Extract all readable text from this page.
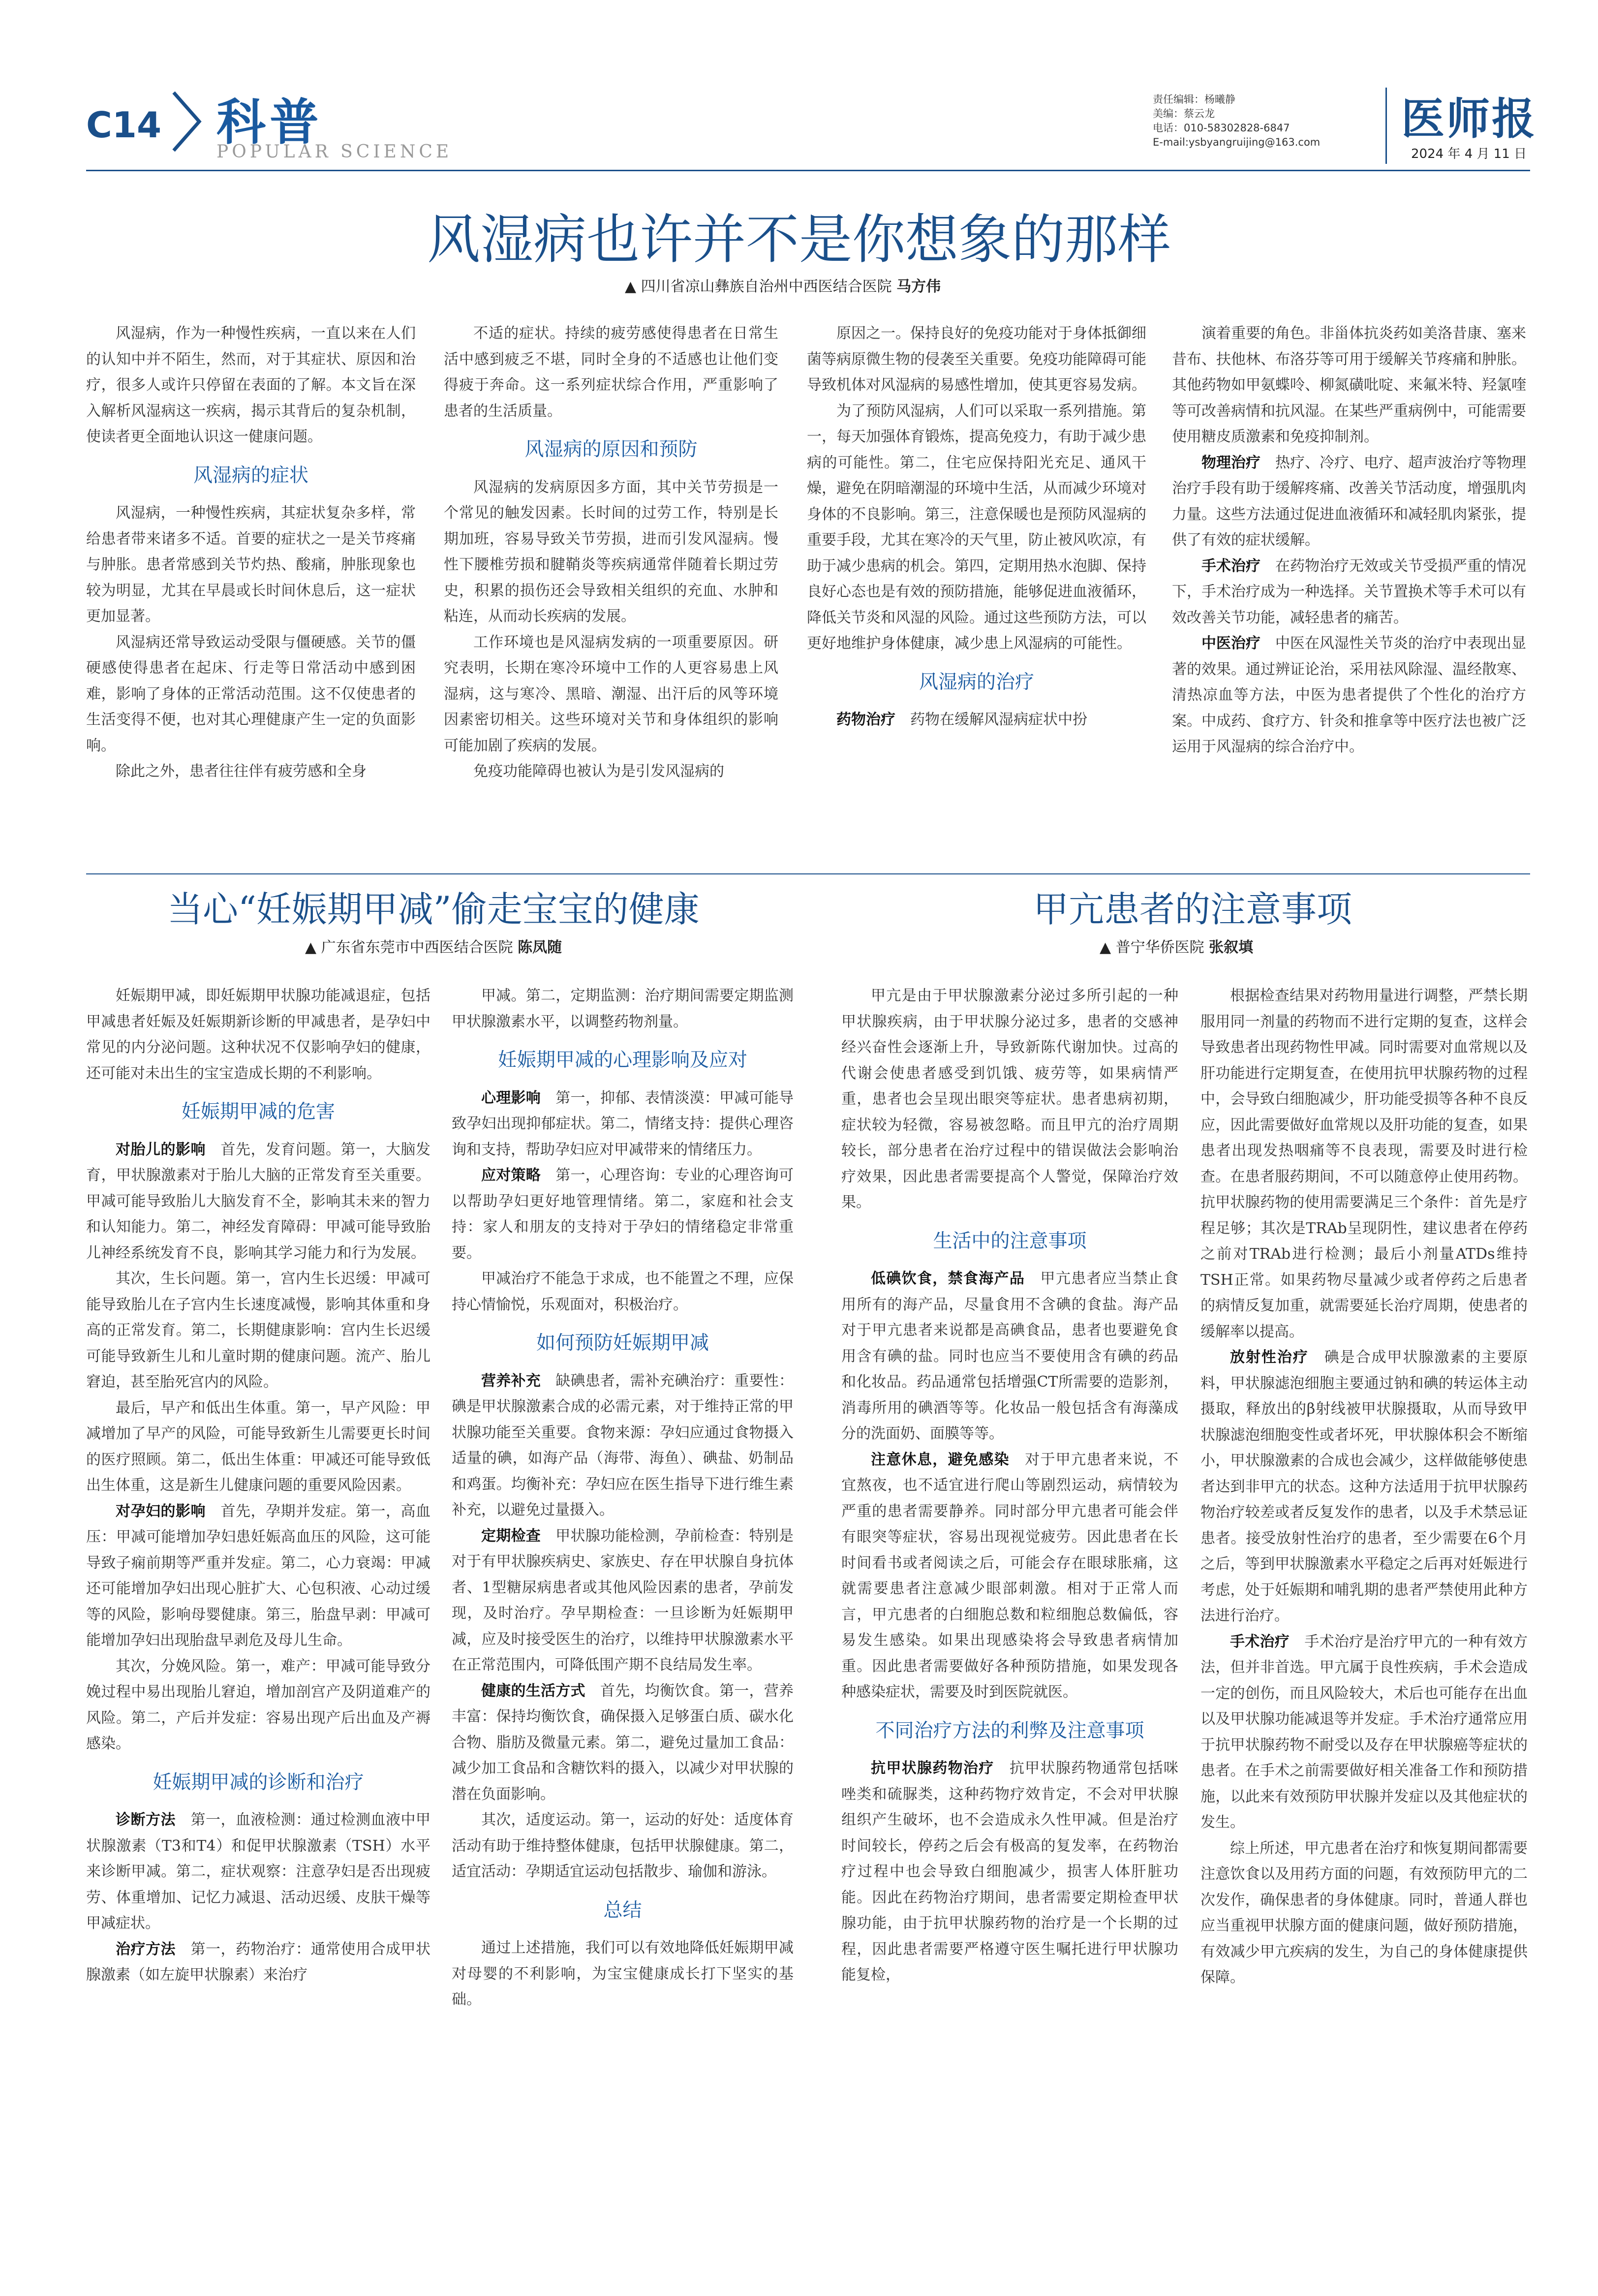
C14 科普
POPULAR SCIENCE
责任编辑：杨曦静
美编：蔡云龙
电话：010-58302828-6847
E-mail:ysbyangruijing@163.com	医师报
2024 年 4 月 11 日
风湿病也许并不是你想象的那样
▲ 四川省凉山彝族自治州中西医结合医院 马方伟

风湿病，作为一种慢性疾病，一直以来在人们的认知中并不陌生，然而，对于其症状、原因和治疗，很多人或许只停留在表面的了解。本文旨在深入解析风湿病这一疾病，揭示其背后的复杂机制，使读者更全面地认识这一健康问题。

风湿病的症状

风湿病，一种慢性疾病，其症状复杂多样，常给患者带来诸多不适。首要的症状之一是关节疼痛与肿胀。患者常感到关节灼热、酸痛，肿胀现象也较为明显，尤其在早晨或长时间休息后，这一症状更加显著。

风湿病还常导致运动受限与僵硬感。关节的僵硬感使得患者在起床、行走等日常活动中感到困难，影响了身体的正常活动范围。这不仅使患者的生活变得不便，也对其心理健康产生一定的负面影响。

除此之外，患者往往伴有疲劳感和全身

不适的症状。持续的疲劳感使得患者在日常生活中感到疲乏不堪，同时全身的不适感也让他们变得疲于奔命。这一系列症状综合作用，严重影响了患者的生活质量。

风湿病的原因和预防

风湿病的发病原因多方面，其中关节劳损是一个常见的触发因素。长时间的过劳工作，特别是长期加班，容易导致关节劳损，进而引发风湿病。慢性下腰椎劳损和腱鞘炎等疾病通常伴随着长期过劳史，积累的损伤还会导致相关组织的充血、水肿和粘连，从而动长疾病的发展。

工作环境也是风湿病发病的一项重要原因。研究表明，长期在寒冷环境中工作的人更容易患上风湿病，这与寒冷、黑暗、潮湿、出汗后的风等环境因素密切相关。这些环境对关节和身体组织的影响可能加剧了疾病的发展。

免疫功能障碍也被认为是引发风湿病的

原因之一。保持良好的免疫功能对于身体抵御细菌等病原微生物的侵袭至关重要。免疫功能障碍可能导致机体对风湿病的易感性增加，使其更容易发病。

为了预防风湿病，人们可以采取一系列措施。第一，每天加强体育锻炼，提高免疫力，有助于减少患病的可能性。第二，住宅应保持阳光充足、通风干燥，避免在阴暗潮湿的环境中生活，从而减少环境对身体的不良影响。第三，注意保暖也是预防风湿病的重要手段，尤其在寒冷的天气里，防止被风吹凉，有助于减少患病的机会。第四，定期用热水泡脚、保持良好心态也是有效的预防措施，能够促进血液循环，降低关节炎和风湿的风险。通过这些预防方法，可以更好地维护身体健康，减少患上风湿病的可能性。

风湿病的治疗

药物治疗　 药物在缓解风湿病症状中扮

演着重要的角色。非甾体抗炎药如美洛昔康、塞来昔布、扶他林、布洛芬等可用于缓解关节疼痛和肿胀。其他药物如甲氨蝶呤、柳氮磺吡啶、来氟米特、羟氯喹等可改善病情和抗风湿。在某些严重病例中，可能需要使用糖皮质激素和免疫抑制剂。

物理治疗　 热疗、冷疗、电疗、超声波治疗等物理治疗手段有助于缓解疼痛、改善关节活动度，增强肌肉力量。这些方法通过促进血液循环和减轻肌肉紧张，提供了有效的症状缓解。

手术治疗　 在药物治疗无效或关节受损严重的情况下，手术治疗成为一种选择。关节置换术等手术可以有效改善关节功能，减轻患者的痛苦。

中医治疗　 中医在风湿性关节炎的治疗中表现出显著的效果。通过辨证论治，采用祛风除湿、温经散寒、清热凉血等方法，中医为患者提供了个性化的治疗方案。中成药、食疗方、针灸和推拿等中医疗法也被广泛运用于风湿病的综合治疗中。

当心“妊娠期甲减”偷走宝宝的健康
▲ 广东省东莞市中西医结合医院 陈凤随

妊娠期甲减，即妊娠期甲状腺功能减退症，包括甲减患者妊娠及妊娠期新诊断的甲减患者，是孕妇中常见的内分泌问题。这种状况不仅影响孕妇的健康，还可能对未出生的宝宝造成长期的不利影响。

妊娠期甲减的危害

对胎儿的影响　 首先，发育问题。第一，大脑发育，甲状腺激素对于胎儿大脑的正常发育至关重要。甲减可能导致胎儿大脑发育不全，影响其未来的智力和认知能力。第二，神经发育障碍：甲减可能导致胎儿神经系统发育不良，影响其学习能力和行为发展。

其次，生长问题。第一，宫内生长迟缓：甲减可能导致胎儿在子宫内生长速度减慢，影响其体重和身高的正常发育。第二，长期健康影响：宫内生长迟缓可能导致新生儿和儿童时期的健康问题。流产、胎儿窘迫，甚至胎死宫内的风险。

最后，早产和低出生体重。第一，早产风险：甲减增加了早产的风险，可能导致新生儿需要更长时间的医疗照顾。第二，低出生体重：甲减还可能导致低出生体重，这是新生儿健康问题的重要风险因素。

对孕妇的影响　 首先，孕期并发症。第一，高血压：甲减可能增加孕妇患妊娠高血压的风险，这可能导致子痫前期等严重并发症。第二，心力衰竭：甲减还可能增加孕妇出现心脏扩大、心包积液、心动过缓等的风险，影响母婴健康。第三，胎盘早剥：甲减可能增加孕妇出现胎盘早剥危及母儿生命。

其次，分娩风险。第一，难产：甲减可能导致分娩过程中易出现胎儿窘迫，增加剖宫产及阴道难产的风险。第二，产后并发症：容易出现产后出血及产褥感染。

妊娠期甲减的诊断和治疗

诊断方法　 第一，血液检测：通过检测血液中甲状腺激素（T3和T4）和促甲状腺激素（TSH）水平来诊断甲减。第二，症状观察：注意孕妇是否出现疲劳、体重增加、记忆力减退、活动迟缓、皮肤干燥等甲减症状。

治疗方法　 第一，药物治疗：通常使用合成甲状腺激素（如左旋甲状腺素）来治疗

甲减。第二，定期监测：治疗期间需要定期监测甲状腺激素水平，以调整药物剂量。

妊娠期甲减的心理影响及应对

心理影响　 第一，抑郁、表情淡漠：甲减可能导致孕妇出现抑郁症状。第二，情绪支持：提供心理咨询和支持，帮助孕妇应对甲减带来的情绪压力。

应对策略　 第一，心理咨询：专业的心理咨询可以帮助孕妇更好地管理情绪。第二，家庭和社会支持：家人和朋友的支持对于孕妇的情绪稳定非常重要。

甲减治疗不能急于求成，也不能置之不理，应保持心情愉悦，乐观面对，积极治疗。

如何预防妊娠期甲减

营养补充　 缺碘患者，需补充碘治疗：重要性：碘是甲状腺激素合成的必需元素，对于维持正常的甲状腺功能至关重要。食物来源：孕妇应通过食物摄入适量的碘，如海产品（海带、海鱼）、碘盐、奶制品和鸡蛋。均衡补充：孕妇应在医生指导下进行维生素补充，以避免过量摄入。

定期检查　 甲状腺功能检测，孕前检查：特别是对于有甲状腺疾病史、家族史、存在甲状腺自身抗体者、1型糖尿病患者或其他风险因素的患者，孕前发现，及时治疗。孕早期检查：一旦诊断为妊娠期甲减，应及时接受医生的治疗，以维持甲状腺激素水平在正常范围内，可降低围产期不良结局发生率。

健康的生活方式　 首先，均衡饮食。第一，营养丰富：保持均衡饮食，确保摄入足够蛋白质、碳水化合物、脂肪及微量元素。第二，避免过量加工食品：减少加工食品和含糖饮料的摄入，以减少对甲状腺的潜在负面影响。

其次，适度运动。第一，运动的好处：适度体育活动有助于维持整体健康，包括甲状腺健康。第二，适宜活动：孕期适宜运动包括散步、瑜伽和游泳。

总结

通过上述措施，我们可以有效地降低妊娠期甲减对母婴的不利影响，为宝宝健康成长打下坚实的基础。

甲亢患者的注意事项
▲ 普宁华侨医院 张叙填

甲亢是由于甲状腺激素分泌过多所引起的一种甲状腺疾病，由于甲状腺分泌过多，患者的交感神经兴奋性会逐渐上升，导致新陈代谢加快。过高的代谢会使患者感受到饥饿、疲劳等，如果病情严重，患者也会呈现出眼突等症状。患者患病初期，症状较为轻微，容易被忽略。而且甲亢的治疗周期较长，部分患者在治疗过程中的错误做法会影响治疗效果，因此患者需要提高个人警觉，保障治疗效果。

生活中的注意事项

低碘饮食，禁食海产品　 甲亢患者应当禁止食用所有的海产品，尽量食用不含碘的食盐。海产品对于甲亢患者来说都是高碘食品，患者也要避免食用含有碘的盐。同时也应当不要使用含有碘的药品和化妆品。药品通常包括增强CT所需要的造影剂，消毒所用的碘酒等等。化妆品一般包括含有海藻成分的洗面奶、面膜等等。

注意休息，避免感染　 对于甲亢患者来说，不宜熬夜，也不适宜进行爬山等剧烈运动，病情较为严重的患者需要静养。同时部分甲亢患者可能会伴有眼突等症状，容易出现视觉疲劳。因此患者在长时间看书或者阅读之后，可能会存在眼球胀痛，这就需要患者注意减少眼部刺激。相对于正常人而言，甲亢患者的白细胞总数和粒细胞总数偏低，容易发生感染。如果出现感染将会导致患者病情加重。因此患者需要做好各种预防措施，如果发现各种感染症状，需要及时到医院就医。

不同治疗方法的利弊及注意事项

抗甲状腺药物治疗　 抗甲状腺药物通常包括咪唑类和硫脲类，这种药物疗效肯定，不会对甲状腺组织产生破坏，也不会造成永久性甲减。但是治疗时间较长，停药之后会有极高的复发率，在药物治疗过程中也会导致白细胞减少，损害人体肝脏功能。因此在药物治疗期间，患者需要定期检查甲状腺功能，由于抗甲状腺药物的治疗是一个长期的过程，因此患者需要严格遵守医生嘱托进行甲状腺功能复检，

根据检查结果对药物用量进行调整，严禁长期服用同一剂量的药物而不进行定期的复查，这样会导致患者出现药物性甲减。同时需要对血常规以及肝功能进行定期复查，在使用抗甲状腺药物的过程中，会导致白细胞减少，肝功能受损等各种不良反应，因此需要做好血常规以及肝功能的复查，如果患者出现发热咽痛等不良表现，需要及时进行检查。在患者服药期间，不可以随意停止使用药物。抗甲状腺药物的使用需要满足三个条件：首先是疗程足够；其次是TRAb呈现阴性，建议患者在停药之前对TRAb进行检测；最后小剂量ATDs维持TSH正常。如果药物尽量减少或者停药之后患者的病情反复加重，就需要延长治疗周期，使患者的缓解率以提高。

放射性治疗　 碘是合成甲状腺激素的主要原料，甲状腺滤泡细胞主要通过钠和碘的转运体主动摄取，释放出的β射线被甲状腺摄取，从而导致甲状腺滤泡细胞变性或者坏死，甲状腺体积会不断缩小，甲状腺激素的合成也会减少，这样做能够使患者达到非甲亢的状态。这种方法适用于抗甲状腺药物治疗较差或者反复发作的患者，以及手术禁忌证患者。接受放射性治疗的患者，至少需要在6个月之后，等到甲状腺激素水平稳定之后再对妊娠进行考虑，处于妊娠期和哺乳期的患者严禁使用此种方法进行治疗。

手术治疗　 手术治疗是治疗甲亢的一种有效方法，但并非首选。甲亢属于良性疾病，手术会造成一定的创伤，而且风险较大，术后也可能存在出血以及甲状腺功能减退等并发症。手术治疗通常应用于抗甲状腺药物不耐受以及存在甲状腺癌等症状的患者。在手术之前需要做好相关准备工作和预防措施，以此来有效预防甲状腺并发症以及其他症状的发生。

综上所述，甲亢患者在治疗和恢复期间都需要注意饮食以及用药方面的问题，有效预防甲亢的二次发作，确保患者的身体健康。同时，普通人群也应当重视甲状腺方面的健康问题，做好预防措施，有效减少甲亢疾病的发生，为自己的身体健康提供保障。
